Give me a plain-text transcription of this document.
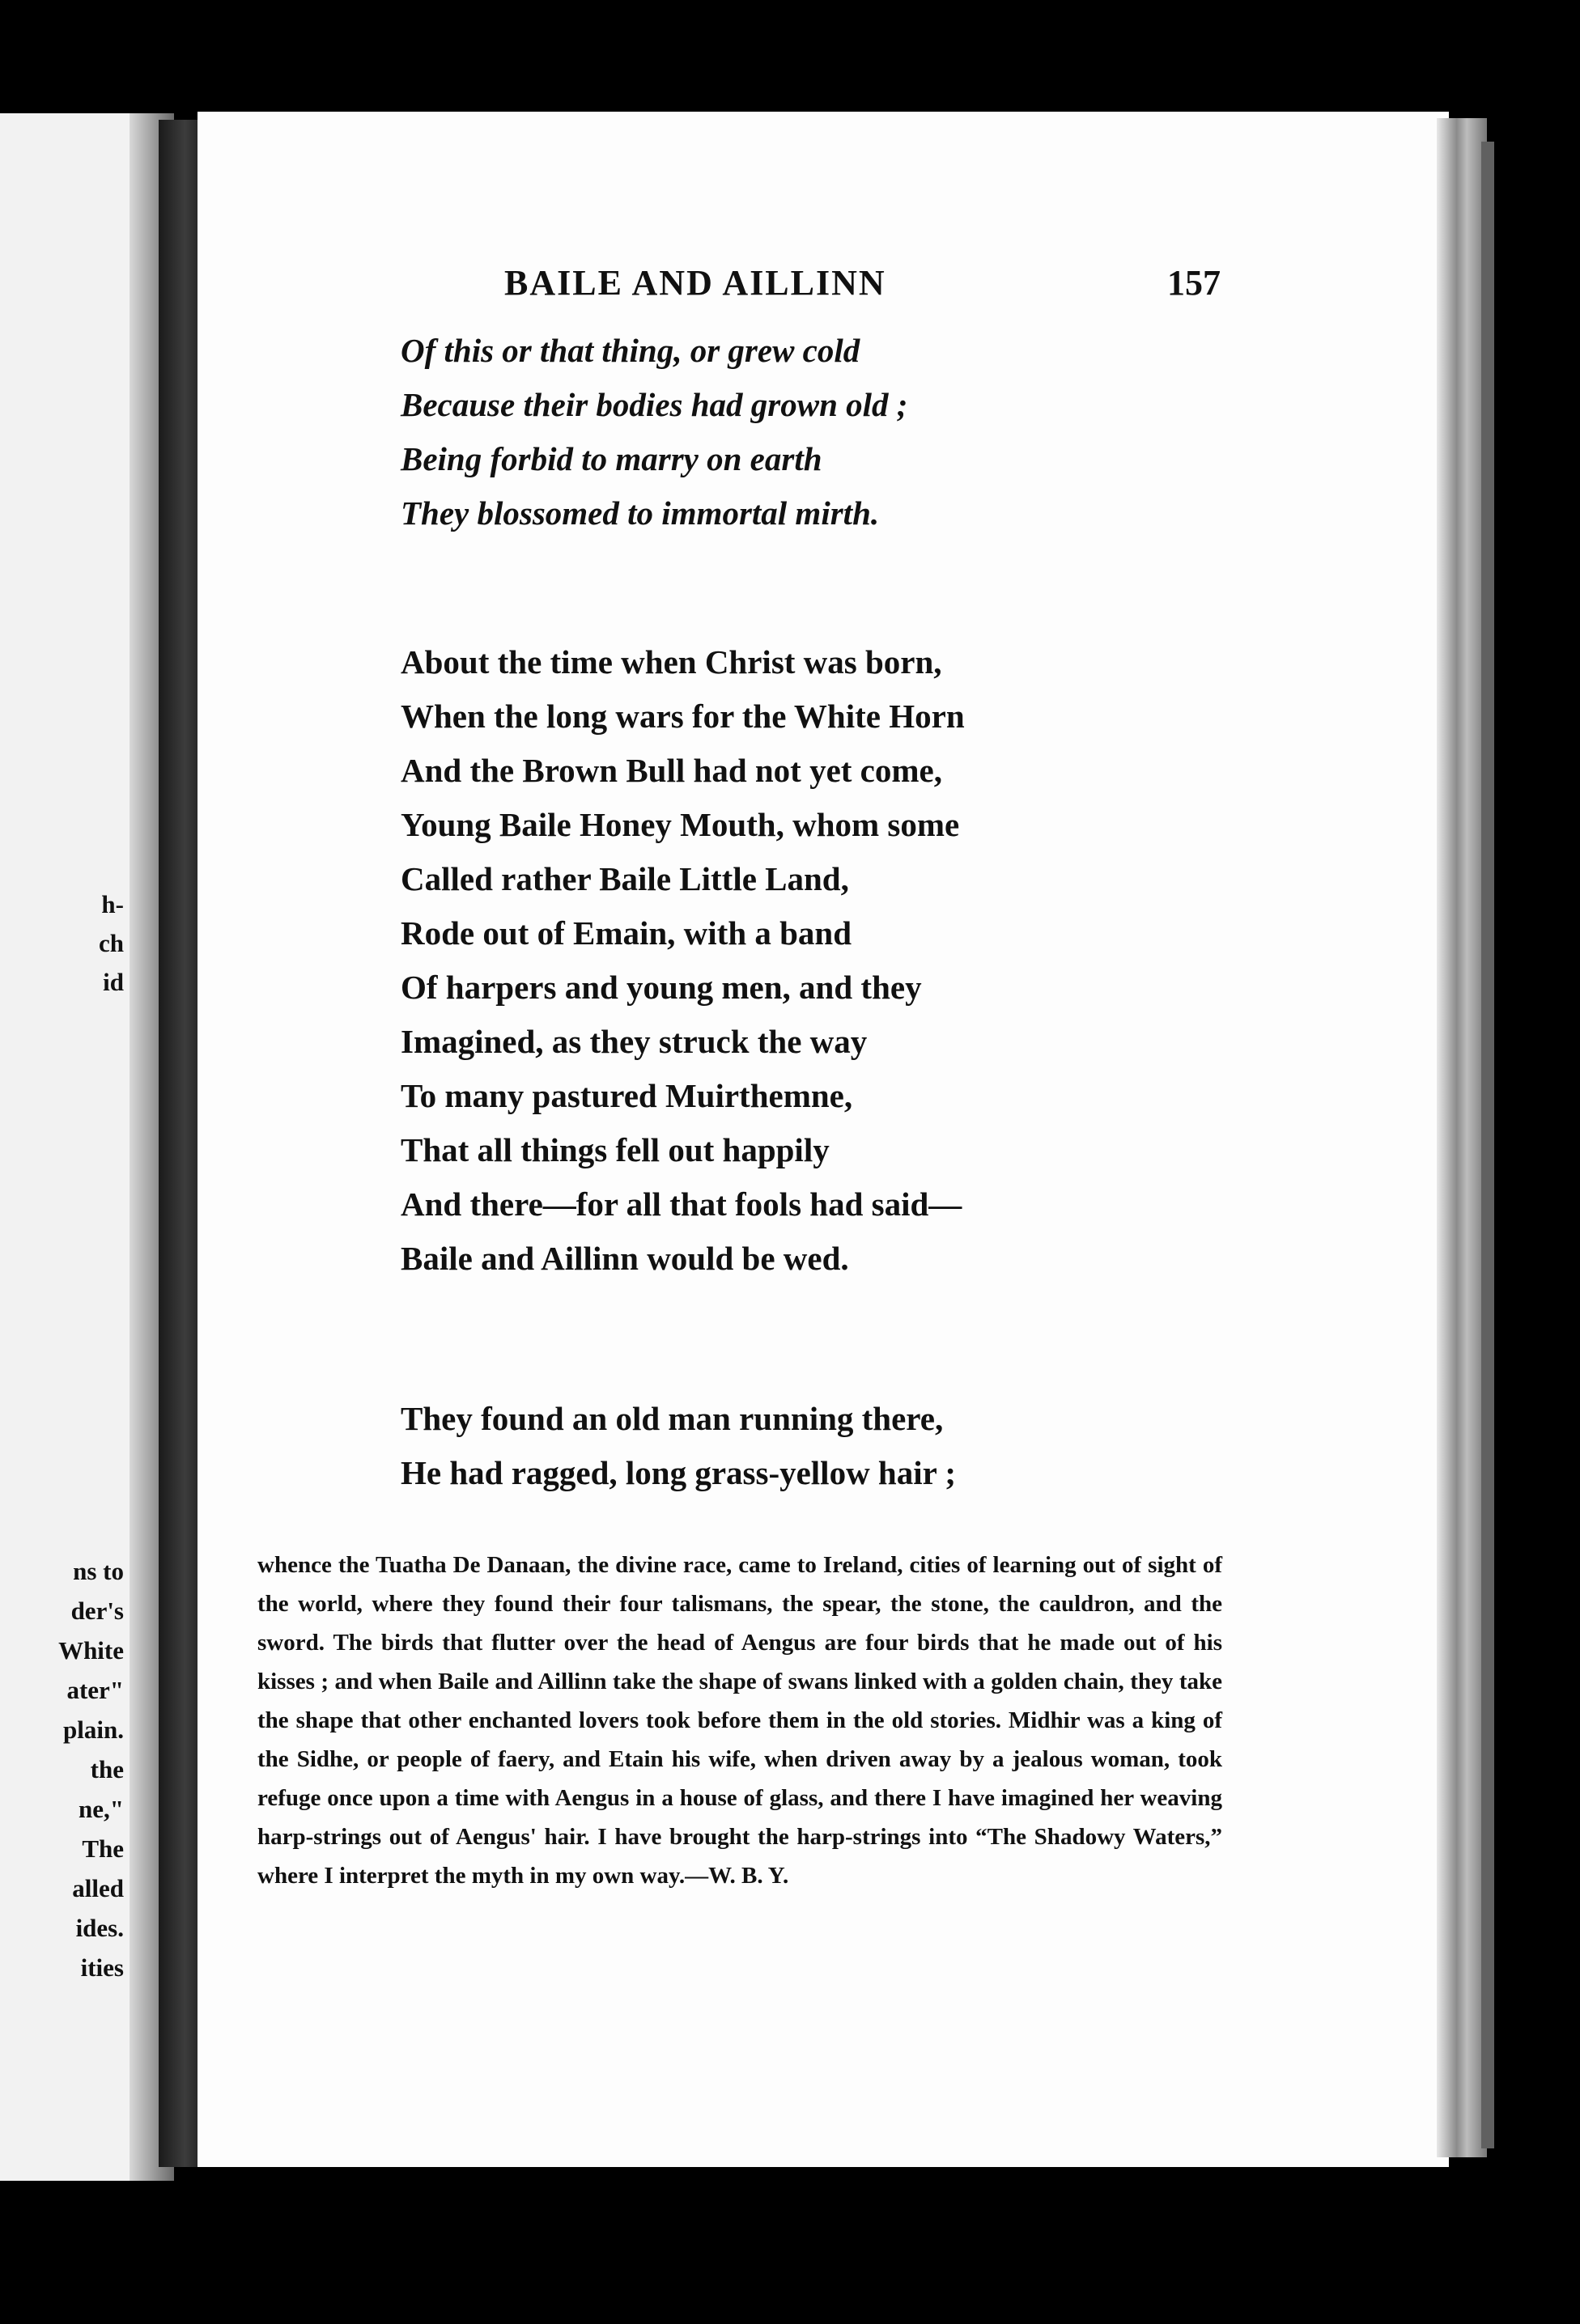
h-
ch
id
ns to
der's
White
ater"
plain.
the
ne,"
The
alled
ides.
ities
BAILE AND AILLINN	157
Of this or that thing, or grew cold
Because their bodies had grown old ;
Being forbid to marry on earth
They blossomed to immortal mirth.
About the time when Christ was born,
When the long wars for the White Horn
And the Brown Bull had not yet come,
Young Baile Honey Mouth, whom some
Called rather Baile Little Land,
Rode out of Emain, with a band
Of harpers and young men, and they
Imagined, as they struck the way
To many pastured Muirthemne,
That all things fell out happily
And there—for all that fools had said—
Baile and Aillinn would be wed.
They found an old man running there,
He had ragged, long grass-yellow hair ;
whence the Tuatha De Danaan, the divine race, came to Ireland, cities of learning out of sight of the world, where they found their four talismans, the spear, the stone, the cauldron, and the sword. The birds that flutter over the head of Aengus are four birds that he made out of his kisses ; and when Baile and Aillinn take the shape of swans linked with a golden chain, they take the shape that other enchanted lovers took before them in the old stories. Midhir was a king of the Sidhe, or people of faery, and Etain his wife, when driven away by a jealous woman, took refuge once upon a time with Aengus in a house of glass, and there I have imagined her weaving harp-strings out of Aengus' hair. I have brought the harp-strings into “The Shadowy Waters,” where I interpret the myth in my own way.—W. B. Y.
